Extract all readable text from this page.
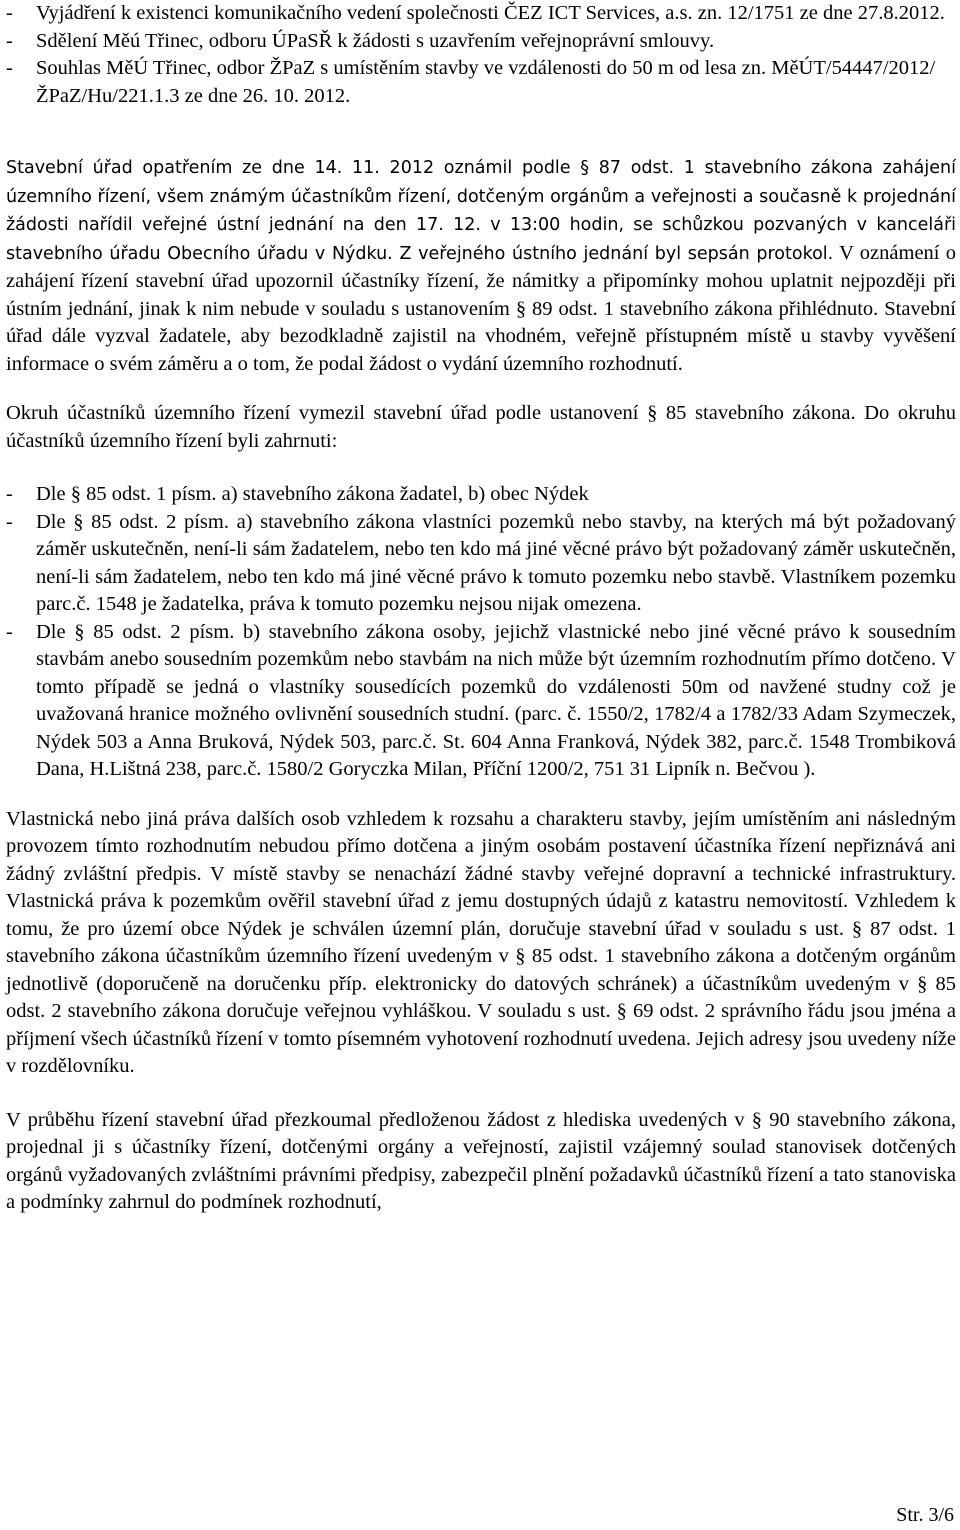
-	Vyjádření k existenci komunikačního vedení společnosti ČEZ ICT Services, a.s. zn. 12/1751 ze dne 27.8.2012.
-	Sdělení Měú Třinec, odboru ÚPaSŘ k žádosti s uzavřením veřejnoprávní smlouvy.
-	Souhlas MěÚ Třinec, odbor ŽPaZ s umístěním stavby ve vzdálenosti do 50 m od lesa zn. MěÚT/54447/2012/ŽPaZ/Hu/221.1.3 ze dne 26. 10. 2012.
Stavební úřad opatřením ze dne 14. 11. 2012 oznámil podle § 87 odst. 1 stavebního zákona zahájení územního řízení, všem známým účastníkům řízení, dotčeným orgánům a veřejnosti a současně k projednání žádosti nařídil veřejné ústní jednání na den 17. 12. v 13:00 hodin, se schůzkou pozvaných v kanceláři stavebního úřadu Obecního úřadu v Nýdku. Z veřejného ústního jednání byl sepsán protokol. V oznámení o zahájení řízení stavební úřad upozornil účastníky řízení, že námitky a připomínky mohou uplatnit nejpozději při ústním jednání, jinak k nim nebude v souladu s ustanovením § 89 odst. 1 stavebního zákona přihlédnuto. Stavební úřad dále vyzval žadatele, aby bezodkladně zajistil na vhodném, veřejně přístupném místě u stavby vyvěšení informace o svém záměru a o tom, že podal žádost o vydání územního rozhodnutí.

Okruh účastníků územního řízení vymezil stavební úřad podle ustanovení § 85 stavebního zákona. Do okruhu účastníků územního řízení byli zahrnuti:

-	Dle § 85 odst. 1 písm. a) stavebního zákona žadatel, b) obec Nýdek
-	Dle § 85 odst. 2 písm. a) stavebního zákona vlastníci pozemků nebo stavby, na kterých má být požadovaný záměr uskutečněn, není-li sám žadatelem, nebo ten kdo má jiné věcné právo být požadovaný záměr uskutečněn, není-li sám žadatelem, nebo ten kdo má jiné věcné právo k tomuto pozemku nebo stavbě. Vlastníkem pozemku parc.č. 1548 je žadatelka, práva k tomuto pozemku nejsou nijak omezena.
-	Dle § 85 odst. 2 písm. b) stavebního zákona osoby, jejichž vlastnické nebo jiné věcné právo k sousedním stavbám anebo sousedním pozemkům nebo stavbám na nich může být územním rozhodnutím přímo dotčeno. V tomto případě se jedná o vlastníky sousedících pozemků do vzdálenosti 50m od navžené studny což je uvažovaná hranice možného ovlivnění sousedních studní. (parc. č. 1550/2, 1782/4 a 1782/33 Adam Szymeczek, Nýdek 503 a Anna Bruková, Nýdek 503, parc.č. St. 604 Anna Franková, Nýdek 382, parc.č. 1548 Trombiková Dana, H.Lištná 238, parc.č. 1580/2 Goryczka Milan, Příční 1200/2, 751 31 Lipník n. Bečvou ).

Vlastnická nebo jiná práva dalších osob vzhledem k rozsahu a charakteru stavby, jejím umístěním ani následným provozem tímto rozhodnutím nebudou přímo dotčena a jiným osobám postavení účastníka řízení nepřiznává ani žádný zvláštní předpis. V místě stavby se nenachází žádné stavby veřejné dopravní a technické infrastruktury. Vlastnická práva k pozemkům ověřil stavební úřad z jemu dostupných údajů z katastru nemovitostí. Vzhledem k tomu, že pro území obce Nýdek je schválen územní plán, doručuje stavební úřad v souladu s ust. § 87 odst. 1 stavebního zákona účastníkům územního řízení uvedeným v § 85 odst. 1 stavebního zákona a dotčeným orgánům jednotlivě (doporučeně na doručenku příp. elektronicky do datových schránek) a účastníkům uvedeným v § 85 odst. 2 stavebního zákona doručuje veřejnou vyhláškou. V souladu s ust. § 69 odst. 2 správního řádu jsou jména a příjmení všech účastníků řízení v tomto písemném vyhotovení rozhodnutí uvedena. Jejich adresy jsou uvedeny níže v rozdělovníku.

V průběhu řízení stavební úřad přezkoumal předloženou žádost z hlediska uvedených v § 90 stavebního zákona, projednal ji s účastníky řízení, dotčenými orgány a veřejností, zajistil vzájemný soulad stanovisek dotčených orgánů vyžadovaných zvláštními právními předpisy, zabezpečil plnění požadavků účastníků řízení a tato stanoviska a podmínky zahrnul do podmínek rozhodnutí,

Str. 3/6
